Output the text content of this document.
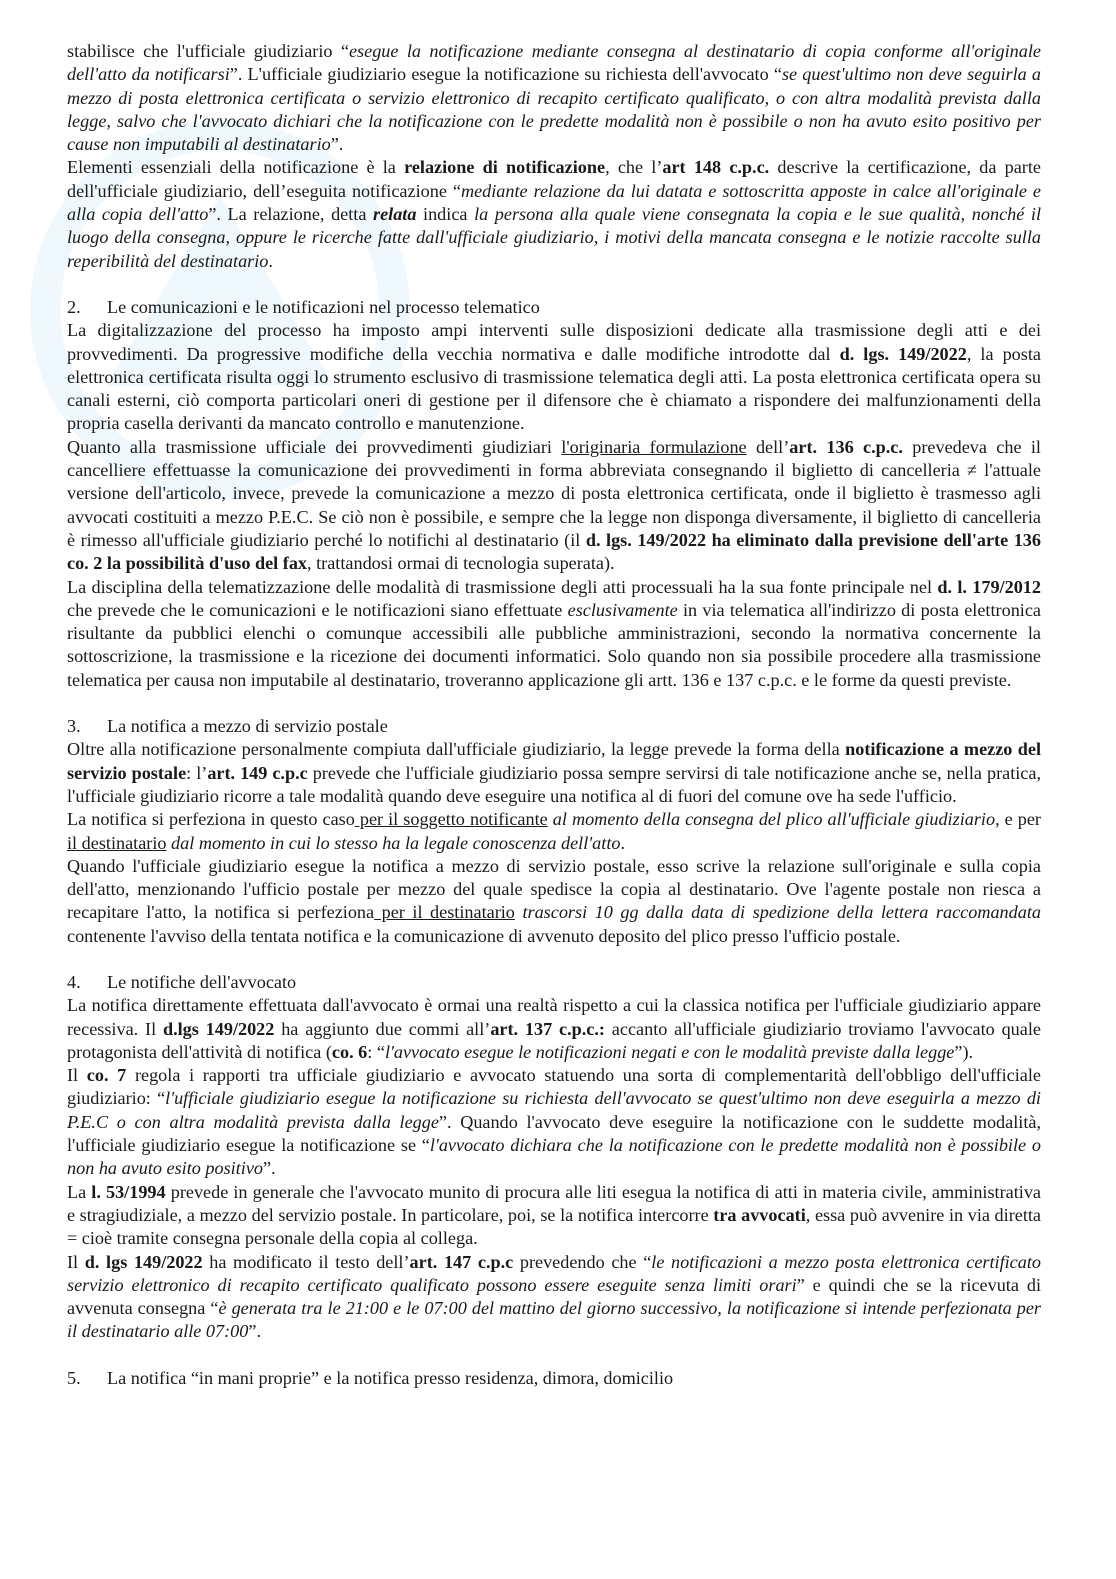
stabilisce che l'ufficiale giudiziario “esegue la notificazione mediante consegna al destinatario di copia conforme all'originale dell'atto da notificarsi”. L'ufficiale giudiziario esegue la notificazione su richiesta dell'avvocato “se quest'ultimo non deve seguirla a mezzo di posta elettronica certificata o servizio elettronico di recapito certificato qualificato, o con altra modalità prevista dalla legge, salvo che l'avvocato dichiari che la notificazione con le predette modalità non è possibile o non ha avuto esito positivo per cause non imputabili al destinatario”.

Elementi essenziali della notificazione è la relazione di notificazione, che l’art 148 c.p.c. descrive la certificazione, da parte dell'ufficiale giudiziario, dell’eseguita notificazione “mediante relazione da lui datata e sottoscritta apposte in calce all'originale e alla copia dell'atto”. La relazione, detta relata indica la persona alla quale viene consegnata la copia e le sue qualità, nonché il luogo della consegna, oppure le ricerche fatte dall'ufficiale giudiziario, i motivi della mancata consegna e le notizie raccolte sulla reperibilità del destinatario.

2. Le comunicazioni e le notificazioni nel processo telematico

La digitalizzazione del processo ha imposto ampi interventi sulle disposizioni dedicate alla trasmissione degli atti e dei provvedimenti. Da progressive modifiche della vecchia normativa e dalle modifiche introdotte dal d. lgs. 149/2022, la posta elettronica certificata risulta oggi lo strumento esclusivo di trasmissione telematica degli atti. La posta elettronica certificata opera su canali esterni, ciò comporta particolari oneri di gestione per il difensore che è chiamato a rispondere dei malfunzionamenti della propria casella derivanti da mancato controllo e manutenzione.

Quanto alla trasmissione ufficiale dei provvedimenti giudiziari l'originaria formulazione dell’art. 136 c.p.c. prevedeva che il cancelliere effettuasse la comunicazione dei provvedimenti in forma abbreviata consegnando il biglietto di cancelleria ≠ l'attuale versione dell'articolo, invece, prevede la comunicazione a mezzo di posta elettronica certificata, onde il biglietto è trasmesso agli avvocati costituiti a mezzo P.E.C. Se ciò non è possibile, e sempre che la legge non disponga diversamente, il biglietto di cancelleria è rimesso all'ufficiale giudiziario perché lo notifichi al destinatario (il d. lgs. 149/2022 ha eliminato dalla previsione dell'arte 136 co. 2 la possibilità d'uso del fax, trattandosi ormai di tecnologia superata).

La disciplina della telematizzazione delle modalità di trasmissione degli atti processuali ha la sua fonte principale nel d. l. 179/2012 che prevede che le comunicazioni e le notificazioni siano effettuate esclusivamente in via telematica all'indirizzo di posta elettronica risultante da pubblici elenchi o comunque accessibili alle pubbliche amministrazioni, secondo la normativa concernente la sottoscrizione, la trasmissione e la ricezione dei documenti informatici. Solo quando non sia possibile procedere alla trasmissione telematica per causa non imputabile al destinatario, troveranno applicazione gli artt. 136 e 137 c.p.c. e le forme da questi previste.

3. La notifica a mezzo di servizio postale

Oltre alla notificazione personalmente compiuta dall'ufficiale giudiziario, la legge prevede la forma della notificazione a mezzo del servizio postale: l’art. 149 c.p.c prevede che l'ufficiale giudiziario possa sempre servirsi di tale notificazione anche se, nella pratica, l'ufficiale giudiziario ricorre a tale modalità quando deve eseguire una notifica al di fuori del comune ove ha sede l'ufficio.

La notifica si perfeziona in questo caso per il soggetto notificante al momento della consegna del plico all'ufficiale giudiziario, e per il destinatario dal momento in cui lo stesso ha la legale conoscenza dell'atto.

Quando l'ufficiale giudiziario esegue la notifica a mezzo di servizio postale, esso scrive la relazione sull'originale e sulla copia dell'atto, menzionando l'ufficio postale per mezzo del quale spedisce la copia al destinatario. Ove l'agente postale non riesca a recapitare l'atto, la notifica si perfeziona per il destinatario trascorsi 10 gg dalla data di spedizione della lettera raccomandata contenente l'avviso della tentata notifica e la comunicazione di avvenuto deposito del plico presso l'ufficio postale.

4. Le notifiche dell'avvocato

La notifica direttamente effettuata dall'avvocato è ormai una realtà rispetto a cui la classica notifica per l'ufficiale giudiziario appare recessiva. Il d.lgs 149/2022 ha aggiunto due commi all’art. 137 c.p.c.: accanto all'ufficiale giudiziario troviamo l'avvocato quale protagonista dell'attività di notifica (co. 6: “l'avvocato esegue le notificazioni negati e con le modalità previste dalla legge”).

Il co. 7 regola i rapporti tra ufficiale giudiziario e avvocato statuendo una sorta di complementarità dell'obbligo dell'ufficiale giudiziario: “l'ufficiale giudiziario esegue la notificazione su richiesta dell'avvocato se quest'ultimo non deve eseguirla a mezzo di P.E.C o con altra modalità prevista dalla legge”. Quando l'avvocato deve eseguire la notificazione con le suddette modalità, l'ufficiale giudiziario esegue la notificazione se “l'avvocato dichiara che la notificazione con le predette modalità non è possibile o non ha avuto esito positivo”.

La l. 53/1994 prevede in generale che l'avvocato munito di procura alle liti esegua la notifica di atti in materia civile, amministrativa e stragiudiziale, a mezzo del servizio postale. In particolare, poi, se la notifica intercorre tra avvocati, essa può avvenire in via diretta = cioè tramite consegna personale della copia al collega.

Il d. lgs 149/2022 ha modificato il testo dell’art. 147 c.p.c prevedendo che “le notificazioni a mezzo posta elettronica certificato servizio elettronico di recapito certificato qualificato possono essere eseguite senza limiti orari” e quindi che se la ricevuta di avvenuta consegna “è generata tra le 21:00 e le 07:00 del mattino del giorno successivo, la notificazione si intende perfezionata per il destinatario alle 07:00”.

5. La notifica “in mani proprie” e la notifica presso residenza, dimora, domicilio
